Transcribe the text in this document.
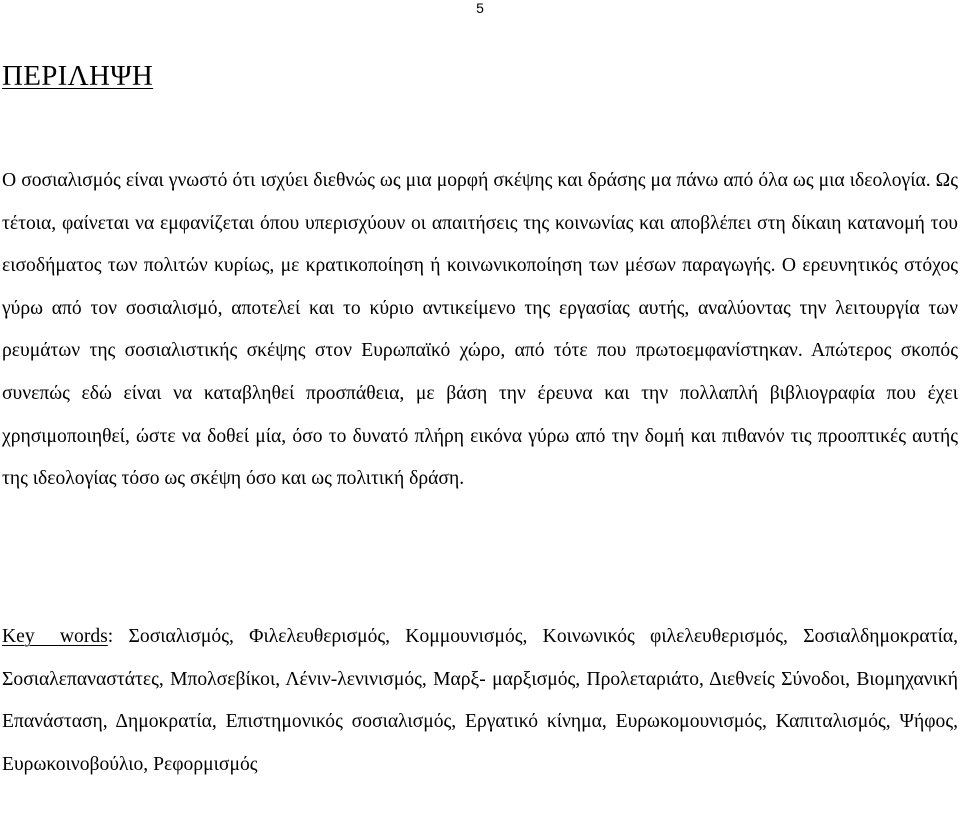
5
ΠΕΡΙΛΗΨΗ

Ο σοσιαλισμός είναι γνωστό ότι ισχύει διεθνώς ως μια μορφή σκέψης και δράσης μα πάνω από όλα ως μια ιδεολογία. Ως τέτοια, φαίνεται να εμφανίζεται όπου υπερισχύουν οι απαιτήσεις της κοινωνίας και αποβλέπει στη δίκαιη κατανομή του εισοδήματος των πολιτών κυρίως, με κρατικοποίηση ή κοινωνικοποίηση των μέσων παραγωγής. Ο ερευνητικός στόχος γύρω από τον σοσιαλισμό, αποτελεί και το κύριο αντικείμενο της εργασίας αυτής, αναλύοντας την λειτουργία των ρευμάτων της σοσιαλιστικής σκέψης στον Ευρωπαϊκό χώρο, από τότε που πρωτοεμφανίστηκαν. Απώτερος σκοπός συνεπώς εδώ είναι να καταβληθεί προσπάθεια, με βάση την έρευνα και την πολλαπλή βιβλιογραφία που έχει χρησιμοποιηθεί, ώστε να δοθεί μία, όσο το δυνατό πλήρη εικόνα γύρω από την δομή και πιθανόν τις προοπτικές αυτής της ιδεολογίας τόσο ως σκέψη όσο και ως πολιτική δράση.

Key words: Σοσιαλισμός, Φιλελευθερισμός, Κομμουνισμός, Κοινωνικός φιλελευθερισμός, Σοσιαλδημοκρατία, Σοσιαλεπαναστάτες, Μπολσεβίκοι, Λένιν-λενινισμός, Μαρξ- μαρξισμός, Προλεταριάτο, Διεθνείς Σύνοδοι, Βιομηχανική Επανάσταση, Δημοκρατία, Επιστημονικός σοσιαλισμός, Εργατικό κίνημα, Ευρωκομουνισμός, Καπιταλισμός, Ψήφος, Ευρωκοινοβούλιο, Ρεφορμισμός
